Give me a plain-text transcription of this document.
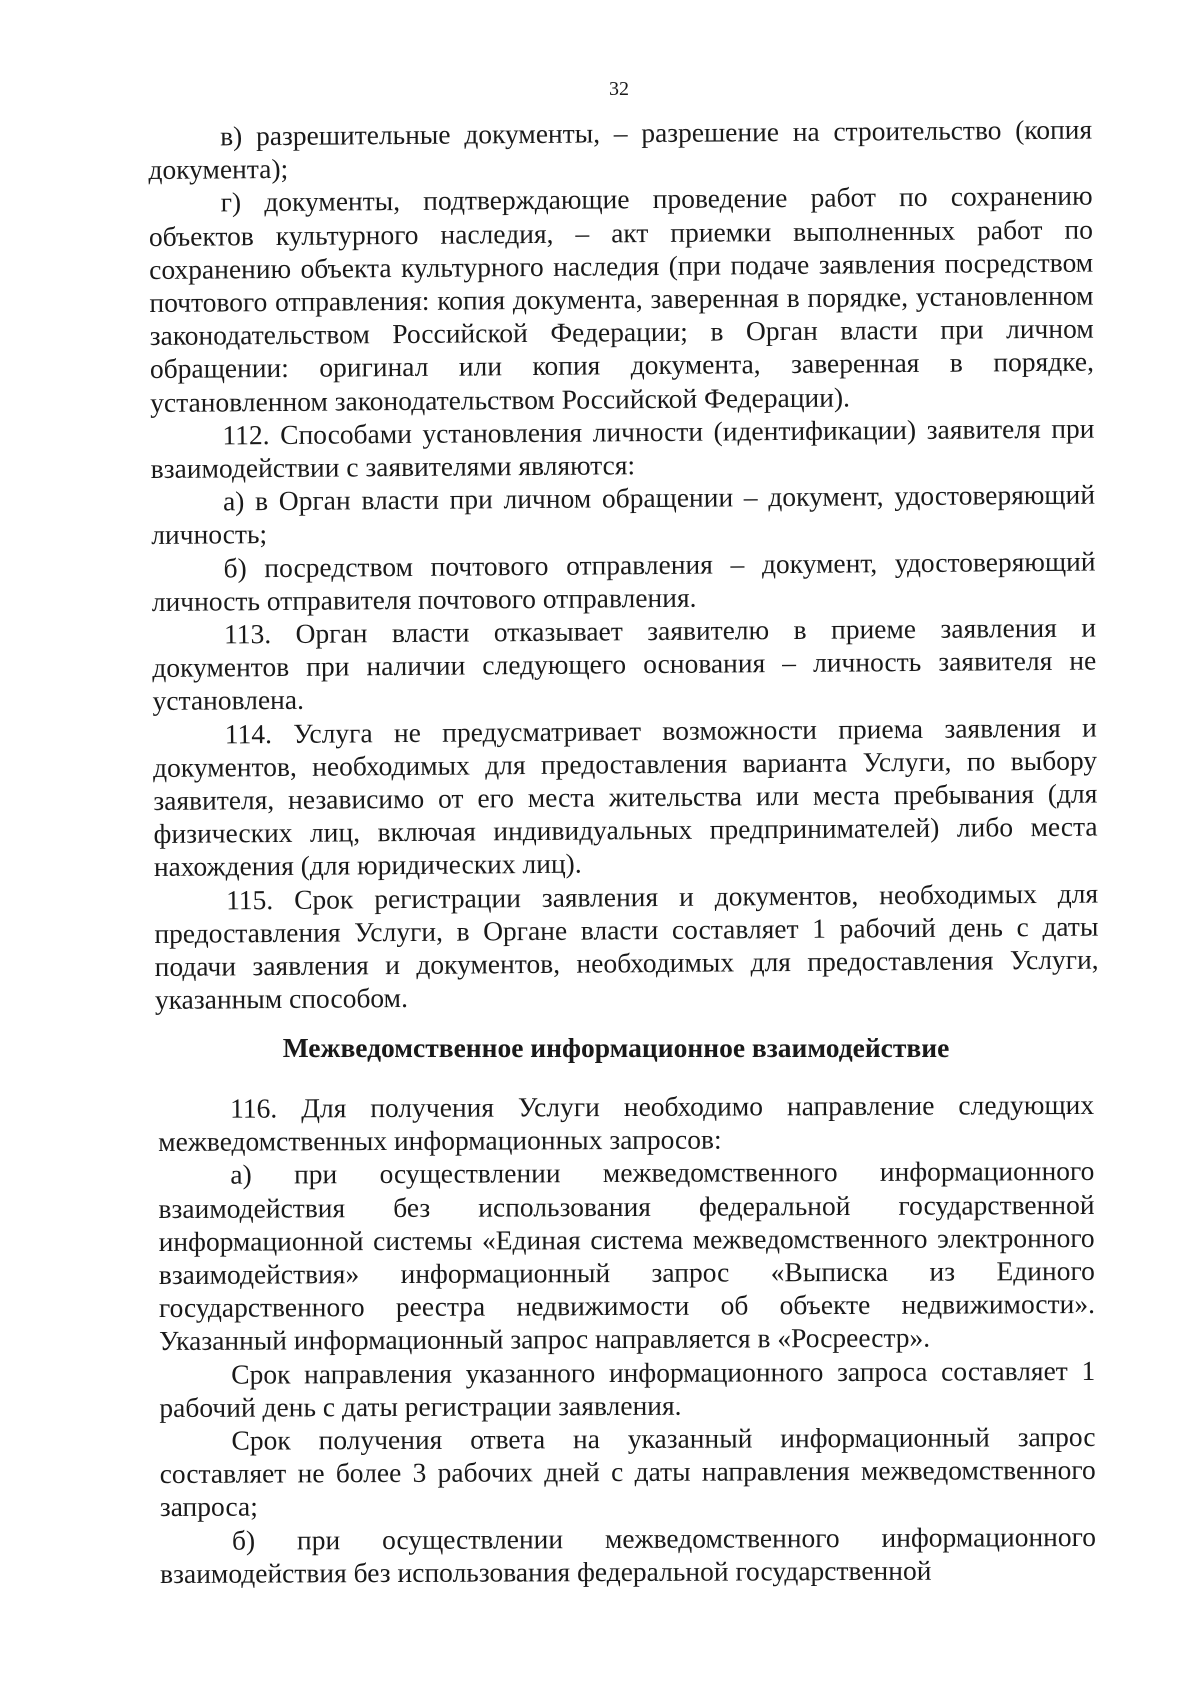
32

в) разрешительные документы, – разрешение на строительство (копия документа);

г) документы, подтверждающие проведение работ по сохранению объектов культурного наследия, – акт приемки выполненных работ по сохранению объекта культурного наследия (при подаче заявления посредством почтового отправления: копия документа, заверенная в порядке, установленном законодательством Российской Федерации; в Орган власти при личном обращении: оригинал или копия документа, заверенная в порядке, установленном законодательством Российской Федерации).

112. Способами установления личности (идентификации) заявителя при взаимодействии с заявителями являются:

а) в Орган власти при личном обращении – документ, удостоверяющий личность;

б) посредством почтового отправления – документ, удостоверяющий личность отправителя почтового отправления.

113. Орган власти отказывает заявителю в приеме заявления и документов при наличии следующего основания – личность заявителя не установлена.

114. Услуга не предусматривает возможности приема заявления и документов, необходимых для предоставления варианта Услуги, по выбору заявителя, независимо от его места жительства или места пребывания (для физических лиц, включая индивидуальных предпринимателей) либо места нахождения (для юридических лиц).

115. Срок регистрации заявления и документов, необходимых для предоставления Услуги, в Органе власти составляет 1 рабочий день с даты подачи заявления и документов, необходимых для предоставления Услуги, указанным способом.

Межведомственное информационное взаимодействие

116. Для получения Услуги необходимо направление следующих межведомственных информационных запросов:

а) при осуществлении межведомственного информационного взаимодействия без использования федеральной государственной информационной системы «Единая система межведомственного электронного взаимодействия» информационный запрос «Выписка из Единого государственного реестра недвижимости об объекте недвижимости». Указанный информационный запрос направляется в «Росреестр».

Срок направления указанного информационного запроса составляет 1 рабочий день с даты регистрации заявления.

Срок получения ответа на указанный информационный запрос составляет не более 3 рабочих дней с даты направления межведомственного запроса;

б) при осуществлении межведомственного информационного взаимодействия без использования федеральной государственной
